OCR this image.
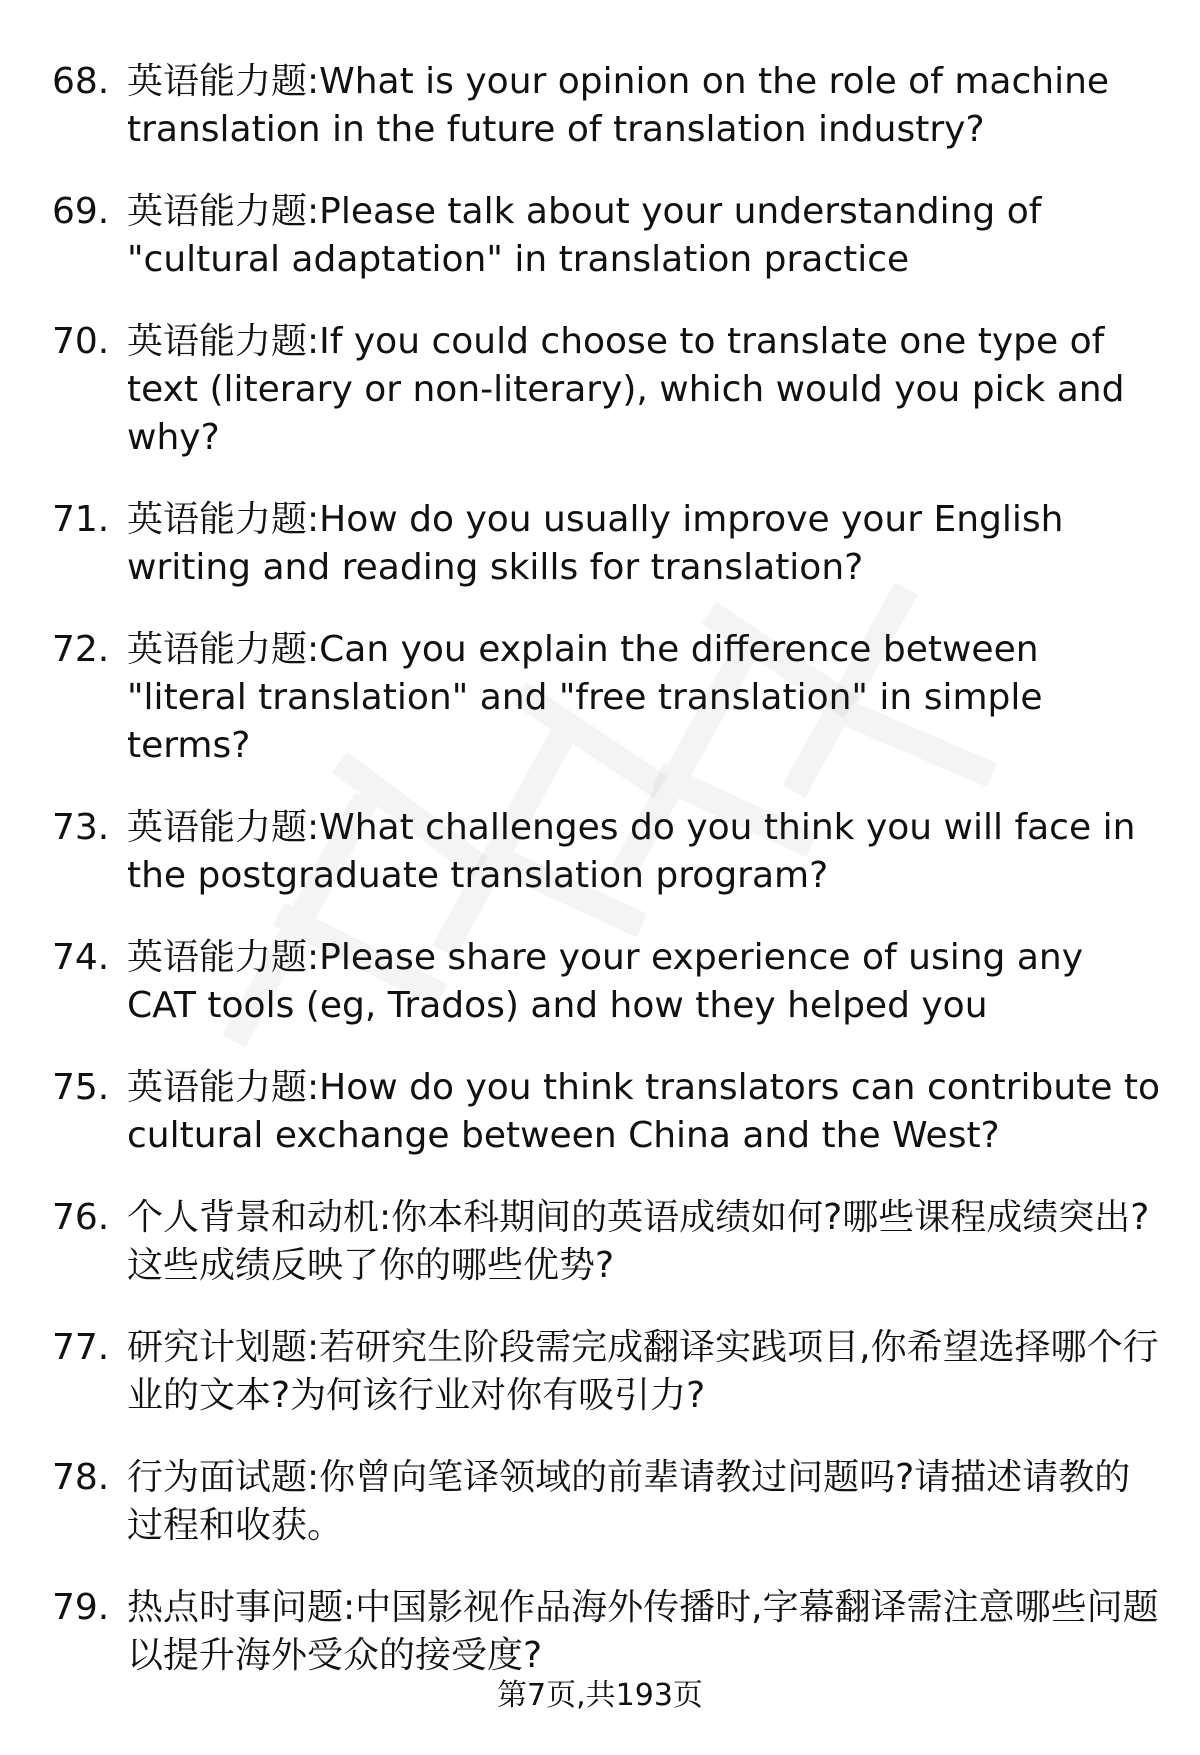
68. 英语能力题:What is your opinion on the role of machine translation in the future of translation industry?
69. 英语能力题:Please talk about your understanding of "cultural adaptation" in translation practice
70. 英语能力题:If you could choose to translate one type of text (literary or non-literary), which would you pick and why?
71. 英语能力题:How do you usually improve your English writing and reading skills for translation?
72. 英语能力题:Can you explain the difference between "literal translation" and "free translation" in simple terms?
73. 英语能力题:What challenges do you think you will face in the postgraduate translation program?
74. 英语能力题:Please share your experience of using any CAT tools (eg, Trados) and how they helped you
75. 英语能力题:How do you think translators can contribute to cultural exchange between China and the West?
76. 个人背景和动机:你本科期间的英语成绩如何?哪些课程成绩突出?这些成绩反映了你的哪些优势?
77. 研究计划题:若研究生阶段需完成翻译实践项目,你希望选择哪个行业的文本?为何该行业对你有吸引力?
78. 行为面试题:你曾向笔译领域的前辈请教过问题吗?请描述请教的过程和收获。
79. 热点时事问题:中国影视作品海外传播时,字幕翻译需注意哪些问题以提升海外受众的接受度?
第7页,共193页
